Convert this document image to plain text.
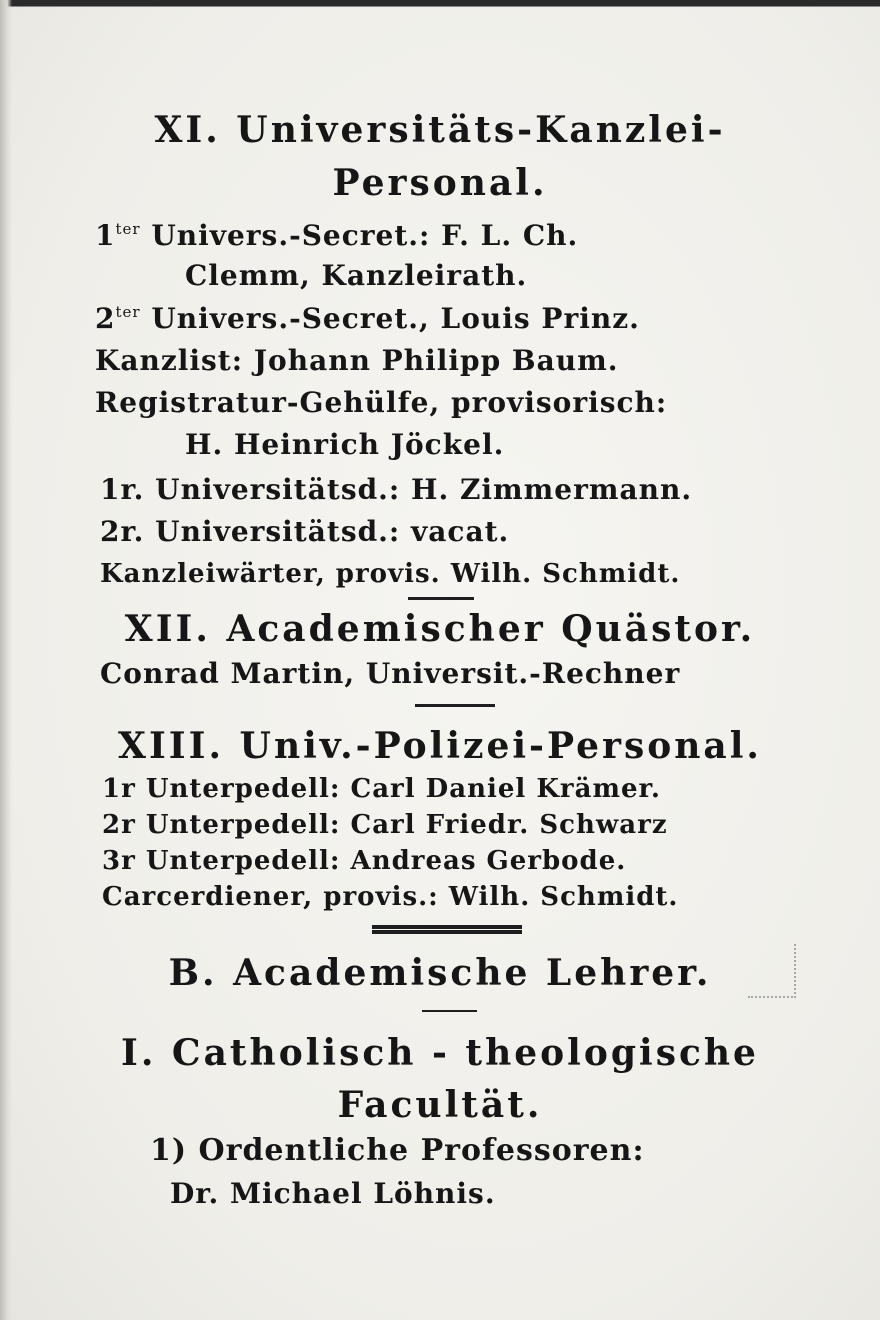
XI. Universitäts-Kanzlei-
Personal.
$1^{ter}$ Univers.-Secret.: F. L. Ch.
Clemm, Kanzleirath.
$2^{ter}$ Univers.-Secret., Louis Prinz.
Kanzlist: Johann Philipp Baum.
Registratur-Gehülfe, provisorisch:
H. Heinrich Jöckel.
1r. Universitätsd.: H. Zimmermann.
2r. Universitätsd.: vacat.
Kanzleiwärter, provis. Wilh. Schmidt.
XII. Academischer Quästor.
Conrad Martin, Universit.-Rechner
XIII. Univ.-Polizei-Personal.
1r Unterpedell: Carl Daniel Krämer.
2r Unterpedell: Carl Friedr. Schwarz
3r Unterpedell: Andreas Gerbode.
Carcerdiener, provis.: Wilh. Schmidt.
B. Academische Lehrer.
I. Catholisch - theologische
Facultät.
1) Ordentliche Professoren:
Dr. Michael Löhnis.
